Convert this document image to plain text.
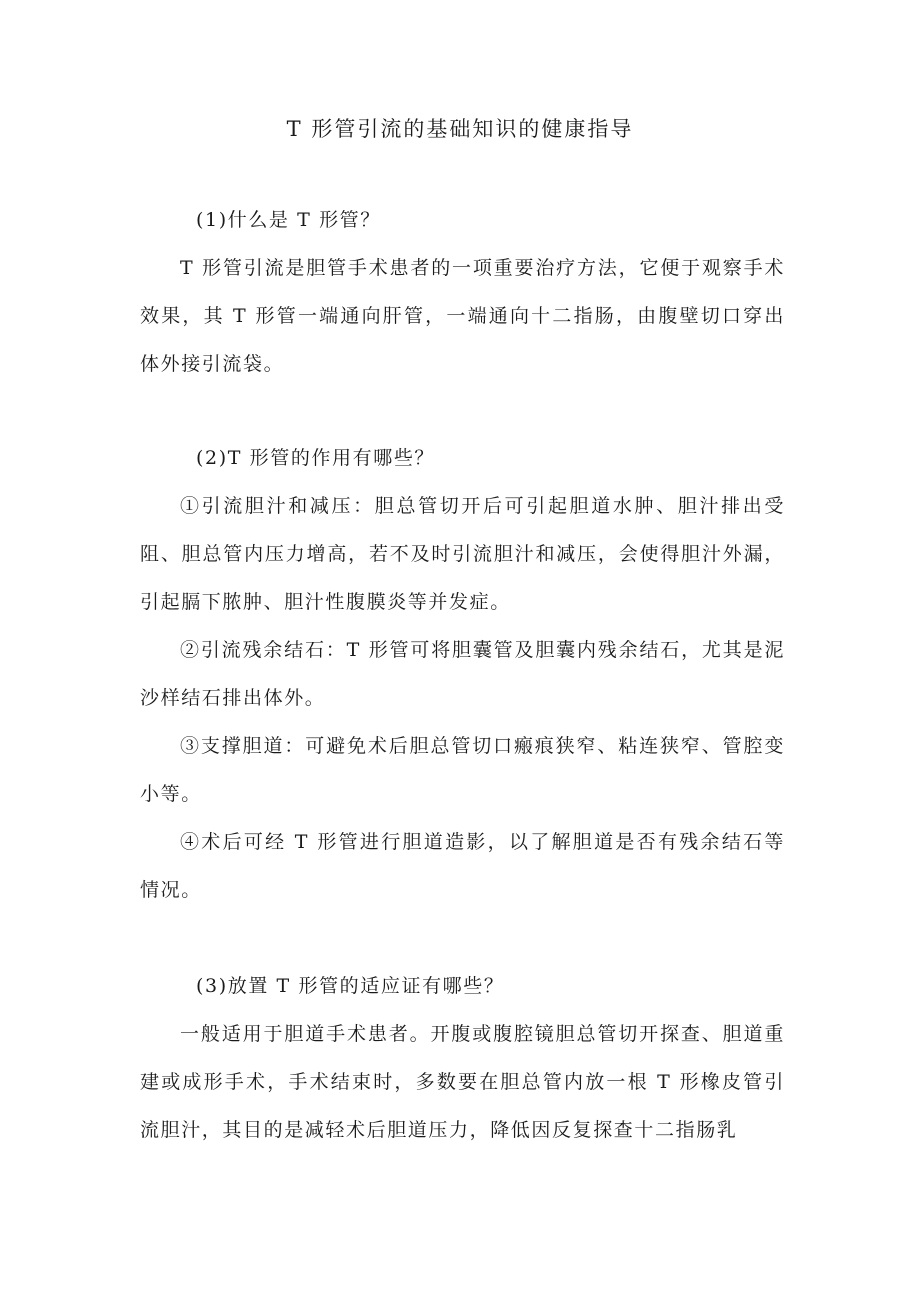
T 形管引流的基础知识的健康指导

(1)什么是 T 形管？

T 形管引流是胆管手术患者的一项重要治疗方法，它便于观察手术效果，其 T 形管一端通向肝管，一端通向十二指肠，由腹壁切口穿出体外接引流袋。

(2)T 形管的作用有哪些？

①引流胆汁和减压：胆总管切开后可引起胆道水肿、胆汁排出受阻、胆总管内压力增高，若不及时引流胆汁和减压，会使得胆汁外漏，引起膈下脓肿、胆汁性腹膜炎等并发症。

②引流残余结石：T 形管可将胆囊管及胆囊内残余结石，尤其是泥沙样结石排出体外。

③支撑胆道：可避免术后胆总管切口瘢痕狭窄、粘连狭窄、管腔变小等。

④术后可经 T 形管进行胆道造影，以了解胆道是否有残余结石等情况。

(3)放置 T 形管的适应证有哪些？

一般适用于胆道手术患者。开腹或腹腔镜胆总管切开探查、胆道重建或成形手术，手术结束时，多数要在胆总管内放一根 T 形橡皮管引流胆汁，其目的是减轻术后胆道压力，降低因反复探查十二指肠乳
